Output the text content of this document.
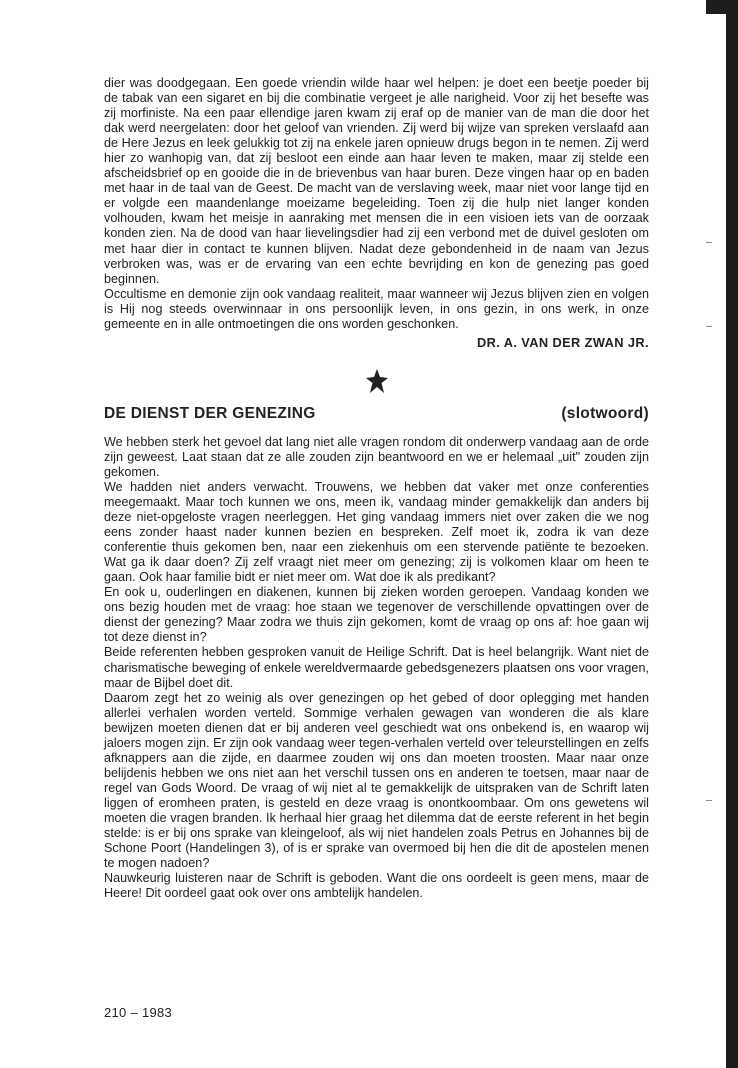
dier was doodgegaan. Een goede vriendin wilde haar wel helpen: je doet een beetje poeder bij de tabak van een sigaret en bij die combinatie vergeet je alle narigheid. Voor zij het besefte was zij morfiniste. Na een paar ellendige jaren kwam zij eraf op de manier van de man die door het dak werd neergelaten: door het geloof van vrienden. Zij werd bij wijze van spreken verslaafd aan de Here Jezus en leek gelukkig tot zij na enkele jaren opnieuw drugs begon in te nemen. Zij werd hier zo wanhopig van, dat zij besloot een einde aan haar leven te maken, maar zij stelde een afscheidsbrief op en gooide die in de brievenbus van haar buren. Deze vingen haar op en baden met haar in de taal van de Geest. De macht van de verslaving week, maar niet voor lange tijd en er volgde een maandenlange moeizame begeleiding. Toen zij die hulp niet langer konden volhouden, kwam het meisje in aanraking met mensen die in een visioen iets van de oorzaak konden zien. Na de dood van haar lievelingsdier had zij een verbond met de duivel gesloten om met haar dier in contact te kunnen blijven. Nadat deze gebondenheid in de naam van Jezus verbroken was, was er de ervaring van een echte bevrijding en kon de genezing pas goed beginnen.

Occultisme en demonie zijn ook vandaag realiteit, maar wanneer wij Jezus blijven zien en volgen is Hij nog steeds overwinnaar in ons persoonlijk leven, in ons gezin, in ons werk, in onze gemeente en in alle ontmoetingen die ons worden geschonken.

DR. A. VAN DER ZWAN JR.
DE DIENST DER GENEZING	(slotwoord)

We hebben sterk het gevoel dat lang niet alle vragen rondom dit onderwerp vandaag aan de orde zijn geweest. Laat staan dat ze alle zouden zijn beantwoord en we er helemaal „uit" zouden zijn gekomen.

We hadden niet anders verwacht. Trouwens, we hebben dat vaker met onze conferenties meegemaakt. Maar toch kunnen we ons, meen ik, vandaag minder gemakkelijk dan anders bij deze niet-opgeloste vragen neerleggen. Het ging vandaag immers niet over zaken die we nog eens zonder haast nader kunnen bezien en bespreken. Zelf moet ik, zodra ik van deze conferentie thuis gekomen ben, naar een ziekenhuis om een stervende patiënte te bezoeken. Wat ga ik daar doen? Zij zelf vraagt niet meer om genezing; zij is volkomen klaar om heen te gaan. Ook haar familie bidt er niet meer om. Wat doe ik als predikant?

En ook u, ouderlingen en diakenen, kunnen bij zieken worden geroepen. Vandaag konden we ons bezig houden met de vraag: hoe staan we tegenover de verschillende opvattingen over de dienst der genezing? Maar zodra we thuis zijn gekomen, komt de vraag op ons af: hoe gaan wij tot deze dienst in?

Beide referenten hebben gesproken vanuit de Heilige Schrift. Dat is heel belangrijk. Want niet de charismatische beweging of enkele wereldvermaarde gebedsgenezers plaatsen ons voor vragen, maar de Bijbel doet dit.

Daarom zegt het zo weinig als over genezingen op het gebed of door oplegging met handen allerlei verhalen worden verteld. Sommige verhalen gewagen van wonderen die als klare bewijzen moeten dienen dat er bij anderen veel geschiedt wat ons onbekend is, en waarop wij jaloers mogen zijn. Er zijn ook vandaag weer tegen-verhalen verteld over teleurstellingen en zelfs afknappers aan die zijde, en daarmee zouden wij ons dan moeten troosten. Maar naar onze belijdenis hebben we ons niet aan het verschil tussen ons en anderen te toetsen, maar naar de regel van Gods Woord. De vraag of wij niet al te gemakkelijk de uitspraken van de Schrift laten liggen of eromheen praten, is gesteld en deze vraag is onontkoombaar. Om ons gewetens wil moeten die vragen branden. Ik herhaal hier graag het dilemma dat de eerste referent in het begin stelde: is er bij ons sprake van kleingeloof, als wij niet handelen zoals Petrus en Johannes bij de Schone Poort (Handelingen 3), of is er sprake van overmoed bij hen die dit de apostelen menen te mogen nadoen?

Nauwkeurig luisteren naar de Schrift is geboden. Want die ons oordeelt is geen mens, maar de Heere! Dit oordeel gaat ook over ons ambtelijk handelen.

210 – 1983
